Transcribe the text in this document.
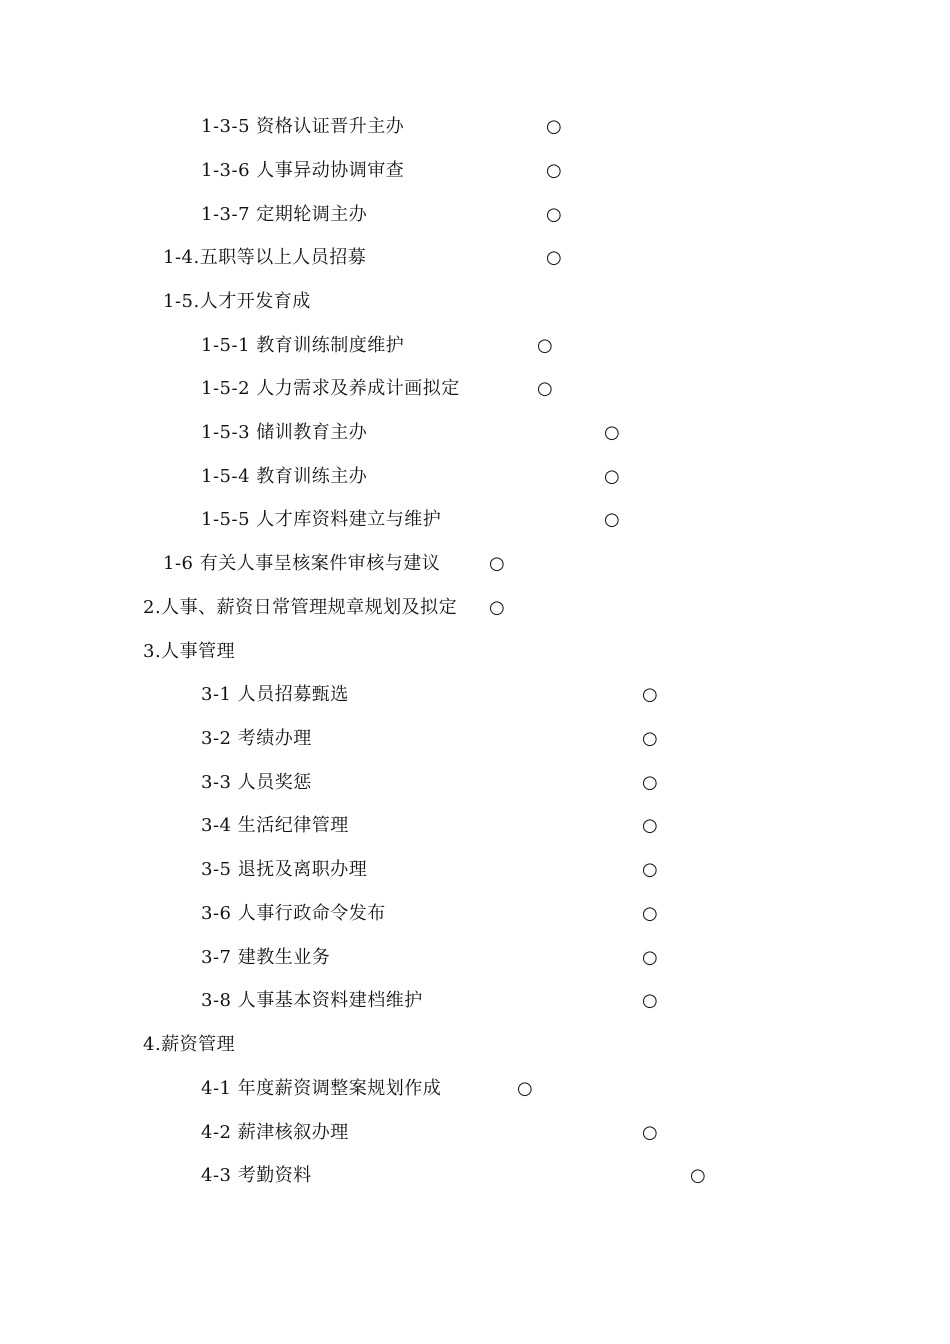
1-3-5 资格认证晋升主办	○
1-3-6 人事异动协调审查	○
1-3-7 定期轮调主办	○
1-4.五职等以上人员招募	○
1-5.人才开发育成
1-5-1 教育训练制度维护	○
1-5-2 人力需求及养成计画拟定	○
1-5-3 储训教育主办	○
1-5-4 教育训练主办	○
1-5-5 人才库资料建立与维护	○
1-6 有关人事呈核案件审核与建议	○
2.人事、薪资日常管理规章规划及拟定 ○
3.人事管理
3-1 人员招募甄选	○
3-2 考绩办理	○
3-3 人员奖惩	○
3-4 生活纪律管理	○
3-5 退抚及离职办理	○
3-6 人事行政命令发布	○
3-7 建教生业务	○
3-8 人事基本资料建档维护	○
4.薪资管理
4-1 年度薪资调整案规划作成	○
4-2 薪津核叙办理	○
4-3 考勤资料	○
